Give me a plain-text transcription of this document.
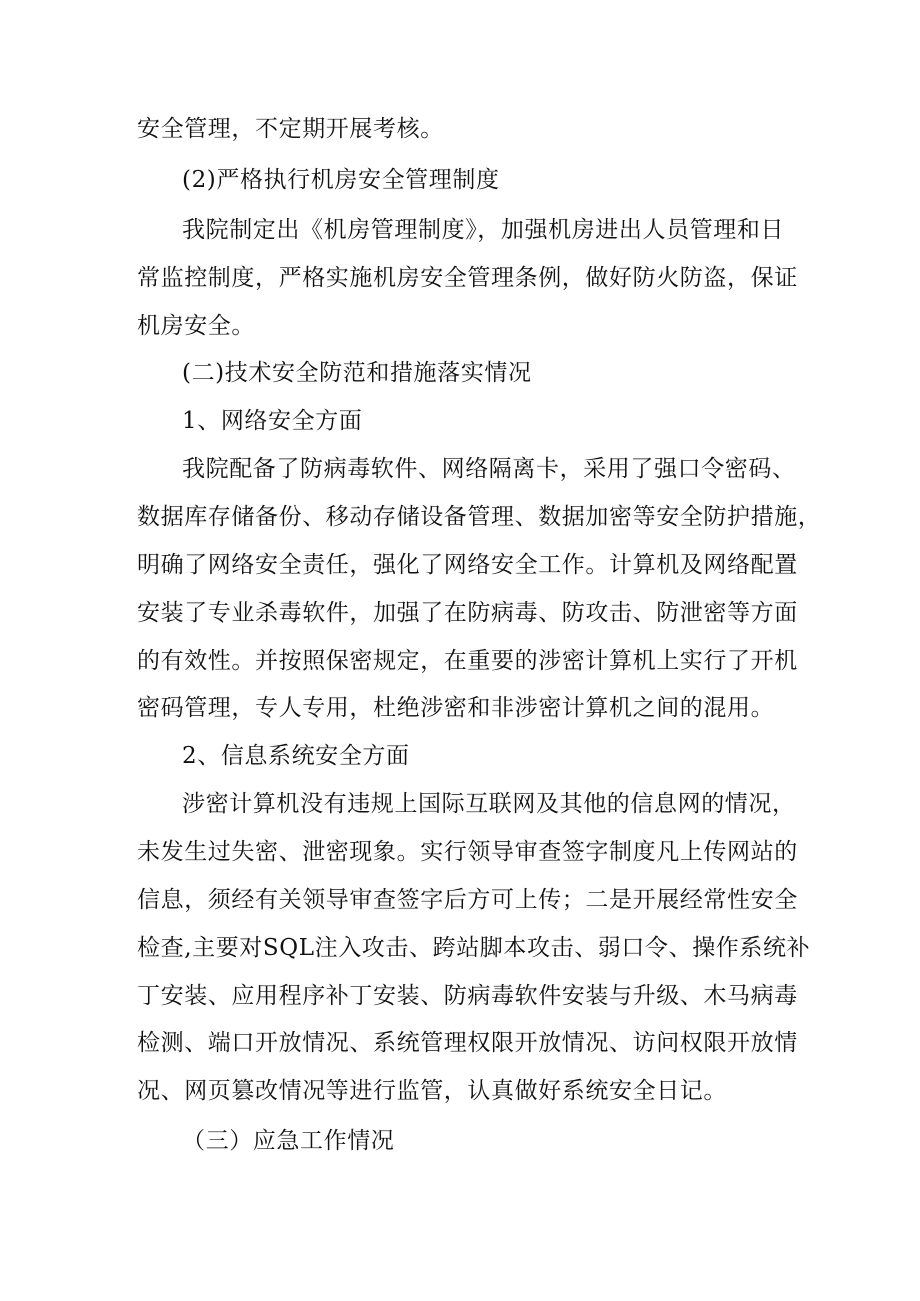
安全管理，不定期开展考核。
(2)严格执行机房安全管理制度
我院制定出《机房管理制度》，加强机房进出人员管理和日
常监控制度，严格实施机房安全管理条例，做好防火防盗，保证
机房安全。
(二)技术安全防范和措施落实情况
1、网络安全方面
我院配备了防病毒软件、网络隔离卡，采用了强口令密码、
数据库存储备份、移动存储设备管理、数据加密等安全防护措施，
明确了网络安全责任，强化了网络安全工作。计算机及网络配置
安装了专业杀毒软件，加强了在防病毒、防攻击、防泄密等方面
的有效性。并按照保密规定，在重要的涉密计算机上实行了开机
密码管理，专人专用，杜绝涉密和非涉密计算机之间的混用。
2、信息系统安全方面
涉密计算机没有违规上国际互联网及其他的信息网的情况，
未发生过失密、泄密现象。实行领导审查签字制度凡上传网站的
信息，须经有关领导审查签字后方可上传；二是开展经常性安全
检查,主要对SQL注入攻击、跨站脚本攻击、弱口令、操作系统补
丁安装、应用程序补丁安装、防病毒软件安装与升级、木马病毒
检测、端口开放情况、系统管理权限开放情况、访问权限开放情
况、网页篡改情况等进行监管，认真做好系统安全日记。
（三）应急工作情况
